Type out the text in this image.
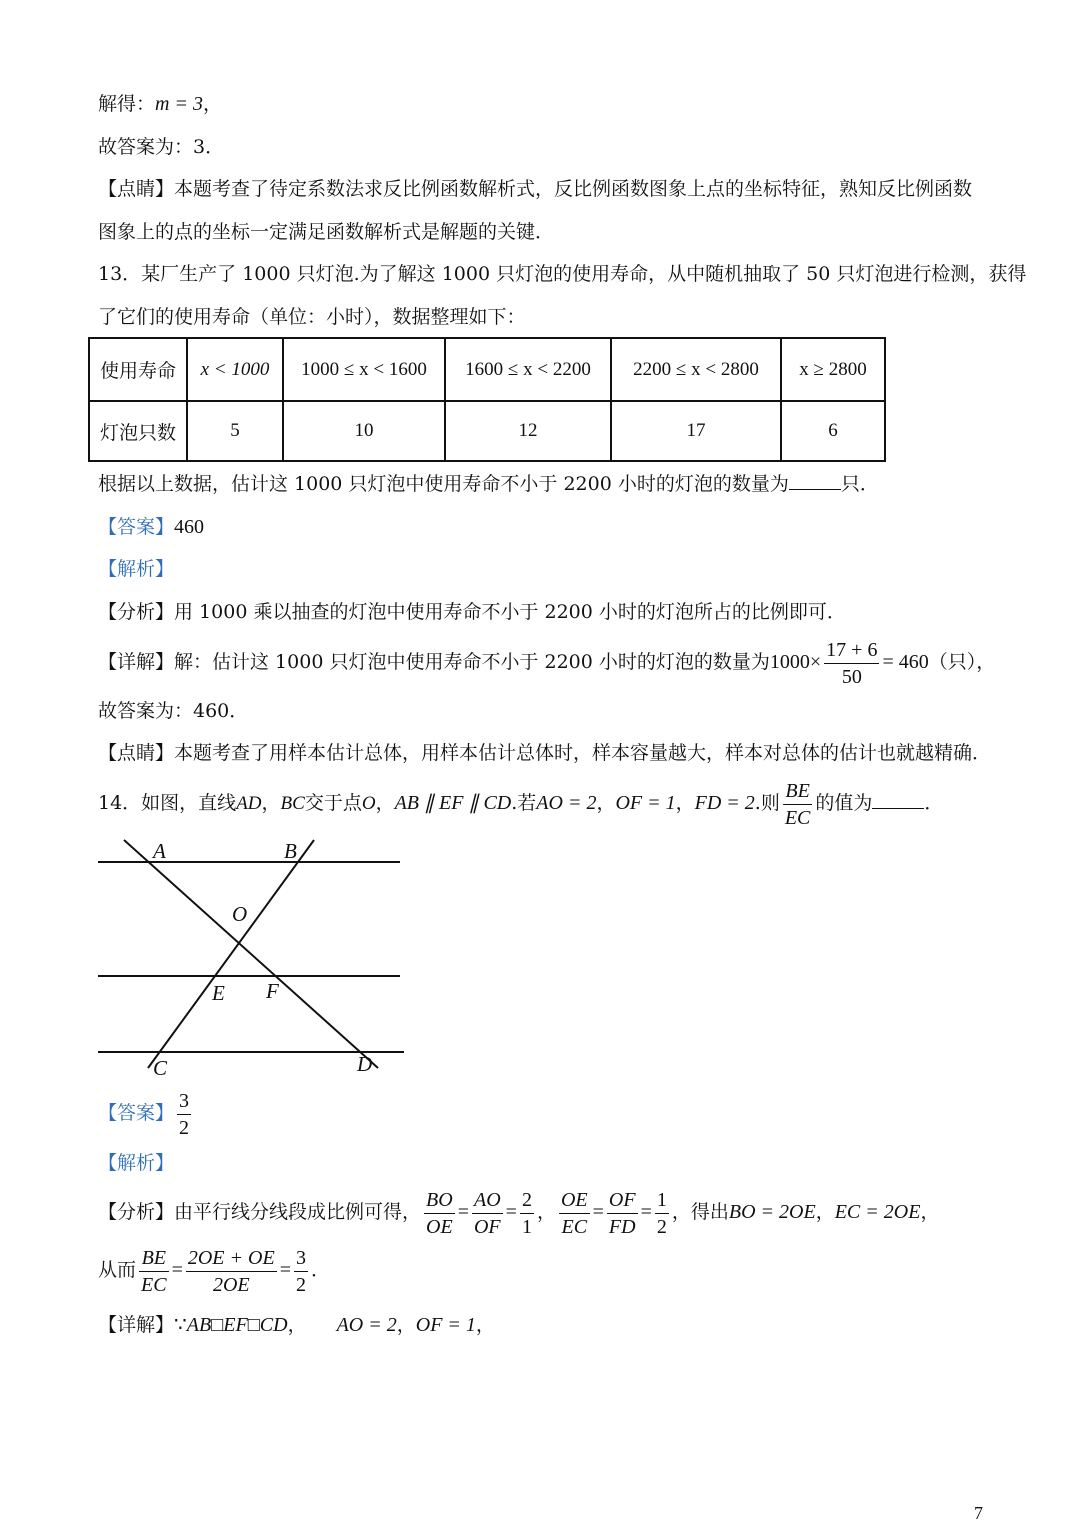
解得：m = 3，
故答案为：3．
【点睛】本题考查了待定系数法求反比例函数解析式，反比例函数图象上点的坐标特征，熟知反比例函数
图象上的点的坐标一定满足函数解析式是解题的关键．
13．某厂生产了 1000 只灯泡.为了解这 1000 只灯泡的使用寿命，从中随机抽取了 50 只灯泡进行检测，获得
了它们的使用寿命（单位：小时），数据整理如下：
使用寿命	x < 1000	1000 ≤ x < 1600	1600 ≤ x < 2200	2200 ≤ x < 2800	x ≥ 2800
灯泡只数	5	10	12	17	6
根据以上数据，估计这 1000 只灯泡中使用寿命不小于 2200 小时的灯泡的数量为	只．
【答案】460
【解析】
【分析】用 1000 乘以抽查的灯泡中使用寿命不小于 2200 小时的灯泡所占的比例即可．
【详解】解：估计这 1000 只灯泡中使用寿命不小于 2200 小时的灯泡的数量为$1000\times \frac{17 + 6}{50} = 460$（只），
故答案为：460．
【点睛】本题考查了用样本估计总体，用样本估计总体时，样本容量越大，样本对总体的估计也就越精确．
14．如图，直线AD，BC交于点O，AB ∥ EF ∥ CD.若AO = 2，OF = 1，FD = 2.则 $\frac{BE}{EC}$ 的值为	．
A	B
O
E F
C	D
【答案】 $\frac{3}{2}$
【解析】
【分析】由平行线分线段成比例可得， $\frac{BO}{OE} = \frac{AO}{OF} = \frac{2}{1}$ ， $\frac{OE}{EC} = \frac{OF}{FD} = \frac{1}{2}$ ，得出BO = 2OE，EC = 2OE，
从而 $\frac{BE}{EC} = \frac{2OE + OE}{2OE} = \frac{3}{2}$ ．
【详解】∵AB□EF□CD， AO = 2，OF = 1，
7
